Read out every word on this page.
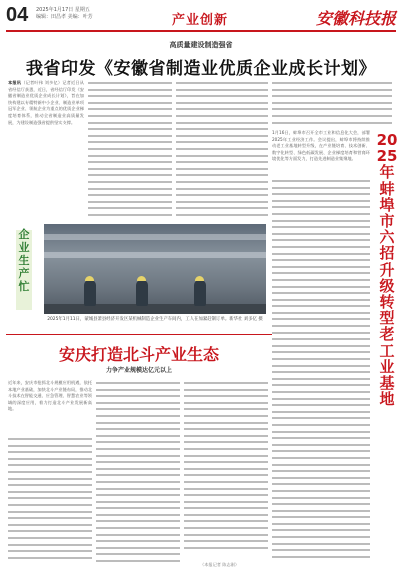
04 2025年1月17日 星期五
编辑：田昌孝 美编：叶芳	产业创新	安徽科技报
高质量建设制造强省
我省印发《安徽省制造业优质企业成长计划》
本报讯（记者叶伟 刘多亿）记者近日从省经信厅获悉，近日，省经信厅印发《安徽省制造业优质企业成长计划》，旨在加快构建以专精特新中小企业、制造业单项冠军企业、领航企业为重点的优质企业梯度培育体系，推动全省制造业高质量发展，为建设制造强省提供坚实支撑。
企业生产忙
2025年1月11日，蒙城县萧县经济开发区某机械制造企业生产车间内，工人在加紧赶制订单。新华社 刘多亿 摄
1月16日，蚌埠市召开全市工业和信息化大会，部署2025年工业经济工作。会议提出，蚌埠市将持续推动老工业基地转型升级，在产业链培育、技术创新、数字化转型、绿色低碳发展、企业梯度培育和营商环境优化等方面发力，打造先进制造业集聚地。
2025年蚌埠市六招升级转型老工业基地
安庆打造北斗产业生态
力争产业规模达亿元以上
近年来，安庆市抢抓北斗规模应用机遇，依托本地产业基础，加快北斗产业链布局，推动北斗技术在智能交通、应急管理、智慧农业等领域的深度应用，着力打造北斗产业发展新高地。
（本报记者 陈志刚）
